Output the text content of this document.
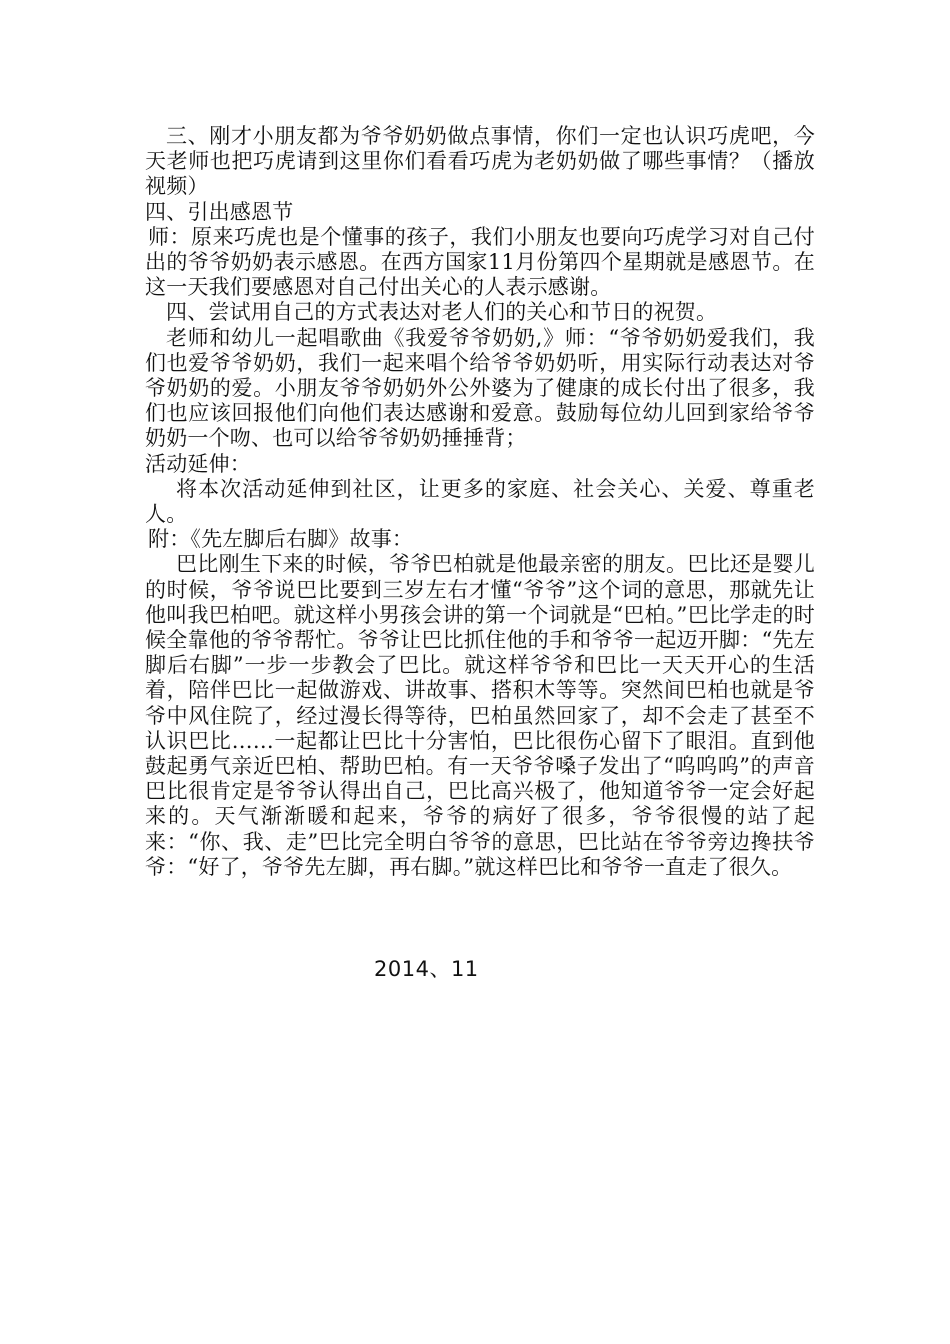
三、刚才小朋友都为爷爷奶奶做点事情，你们一定也认识巧虎吧，今天老师也把巧虎请到这里你们看看巧虎为老奶奶做了哪些事情？（播放视频）

四、引出感恩节

师：原来巧虎也是个懂事的孩子，我们小朋友也要向巧虎学习对自己付出的爷爷奶奶表示感恩。在西方国家11月份第四个星期就是感恩节。在这一天我们要感恩对自己付出关心的人表示感谢。

四、尝试用自己的方式表达对老人们的关心和节日的祝贺。

老师和幼儿一起唱歌曲《我爱爷爷奶奶,》师：“爷爷奶奶爱我们，我们也爱爷爷奶奶，我们一起来唱个给爷爷奶奶听，用实际行动表达对爷爷奶奶的爱。小朋友爷爷奶奶外公外婆为了健康的成长付出了很多，我们也应该回报他们向他们表达感谢和爱意。鼓励每位幼儿回到家给爷爷奶奶一个吻、也可以给爷爷奶奶捶捶背；

活动延伸：

将本次活动延伸到社区，让更多的家庭、社会关心、关爱、尊重老人。

附：《先左脚后右脚》故事：

巴比刚生下来的时候，爷爷巴柏就是他最亲密的朋友。巴比还是婴儿的时候，爷爷说巴比要到三岁左右才懂“爷爷”这个词的意思，那就先让他叫我巴柏吧。就这样小男孩会讲的第一个词就是“巴柏。”巴比学走的时候全靠他的爷爷帮忙。爷爷让巴比抓住他的手和爷爷一起迈开脚：“先左脚后右脚”一步一步教会了巴比。就这样爷爷和巴比一天天开心的生活着，陪伴巴比一起做游戏、讲故事、搭积木等等。突然间巴柏也就是爷爷中风住院了，经过漫长得等待，巴柏虽然回家了，却不会走了甚至不认识巴比……一起都让巴比十分害怕，巴比很伤心留下了眼泪。直到他鼓起勇气亲近巴柏、帮助巴柏。有一天爷爷嗓子发出了“呜呜呜”的声音巴比很肯定是爷爷认得出自己，巴比高兴极了，他知道爷爷一定会好起来的。天气渐渐暖和起来，爷爷的病好了很多，爷爷很慢的站了起来：“你、我、走”巴比完全明白爷爷的意思，巴比站在爷爷旁边搀扶爷爷：“好了，爷爷先左脚，再右脚。”就这样巴比和爷爷一直走了很久。

2014、11
